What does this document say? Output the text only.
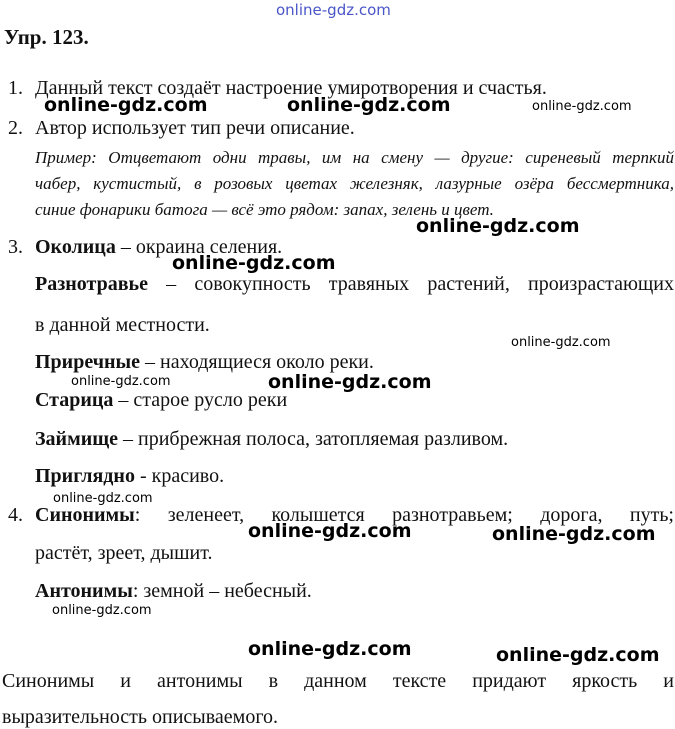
online-gdz.com
Упр. 123.
1. Данный текст создаёт настроение умиротворения и счастья.
2. Автор использует тип речи описание.
Пример: Отцветают одни травы, им на смену — другие: сиреневый терпкий
чабер, кустистый, в розовых цветах железняк, лазурные озёра бессмертника,
синие фонарики батога — всё это рядом: запах, зелень и цвет.
3. Околица – окраина селения.
Разнотравье – совокупность травяных растений, произрастающих
в данной местности.
Приречные – находящиеся около реки.
Старица – старое русло реки
Займище – прибрежная полоса, затопляемая разливом.
Приглядно - красиво.
4. Синонимы: зеленеет, колышется разнотравьем; дорога, путь;
растёт, зреет, дышит.
Антонимы: земной – небесный.
Синонимы и антонимы в данном тексте придают яркость и
выразительность описываемого.
online-gdz.com	online-gdz.com	online-gdz.com
online-gdz.com
online-gdz.com
online-gdz.com
online-gdz.com	online-gdz.com
online-gdz.com
online-gdz.com	online-gdz.com
online-gdz.com
online-gdz.com	online-gdz.com
